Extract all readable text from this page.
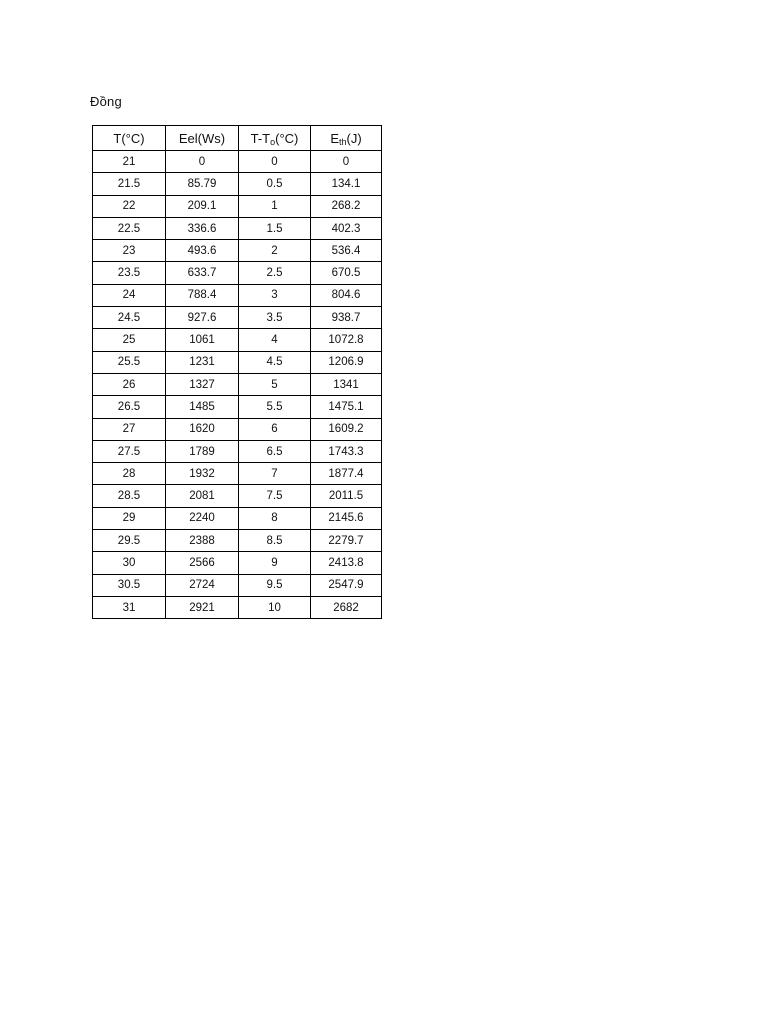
Đồng
T(°C)	Eel(Ws)	T-To(°C)	Eth(J)
21	0	0	0
21.5	85.79	0.5	134.1
22	209.1	1	268.2
22.5	336.6	1.5	402.3
23	493.6	2	536.4
23.5	633.7	2.5	670.5
24	788.4	3	804.6
24.5	927.6	3.5	938.7
25	1061	4	1072.8
25.5	1231	4.5	1206.9
26	1327	5	1341
26.5	1485	5.5	1475.1
27	1620	6	1609.2
27.5	1789	6.5	1743.3
28	1932	7	1877.4
28.5	2081	7.5	2011.5
29	2240	8	2145.6
29.5	2388	8.5	2279.7
30	2566	9	2413.8
30.5	2724	9.5	2547.9
31	2921	10	2682
